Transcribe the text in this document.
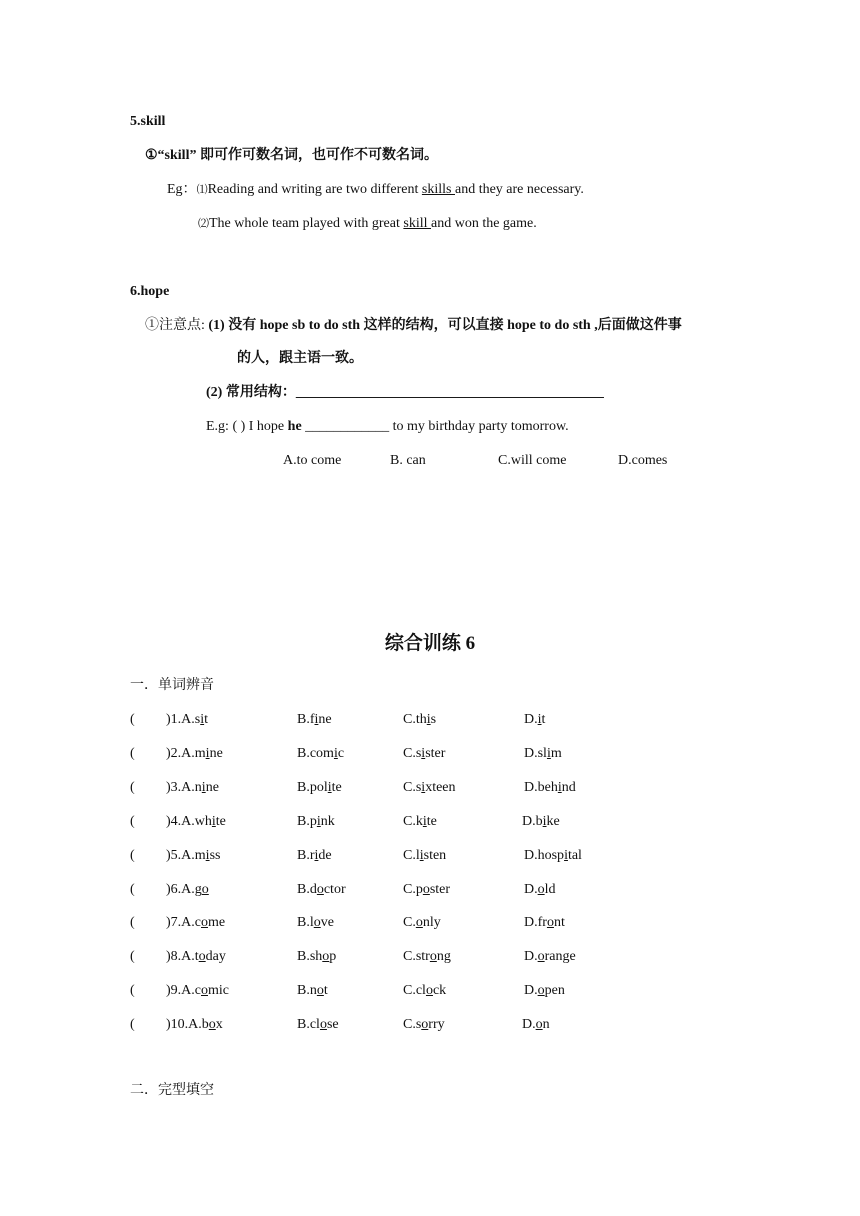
5.skill
①“skill” 即可作可数名词，也可作不可数名词。
Eg：⑴Reading and writing are two different skills and they are necessary.
⑵The whole team played with great skill and won the game.
6.hope
①注意点: (1) 没有 hope sb to do sth 这样的结构，可以直接 hope to do sth ,后面做这件事
的人，跟主语一致。
(2) 常用结构：____________________________________________
E.g: ( ) I hope he ____________ to my birthday party tomorrow.
A.to come	B. can	C.will come	D.comes
综合训练 6
一．单词辨音
( )1.A.sit	B.fine	C.this	D.it
( )2.A.mine	B.comic	C.sister	D.slim
( )3.A.nine	B.polite	C.sixteen	D.behind
( )4.A.white	B.pink	C.kite	D.bike
( )5.A.miss	B.ride	C.listen	D.hospital
( )6.A.go	B.doctor	C.poster	D.old
( )7.A.come	B.love	C.only	D.front
( )8.A.today	B.shop	C.strong	D.orange
( )9.A.comic	B.not	C.clock	D.open
( )10.A.box	B.close	C.sorry	D.on
二．完型填空
